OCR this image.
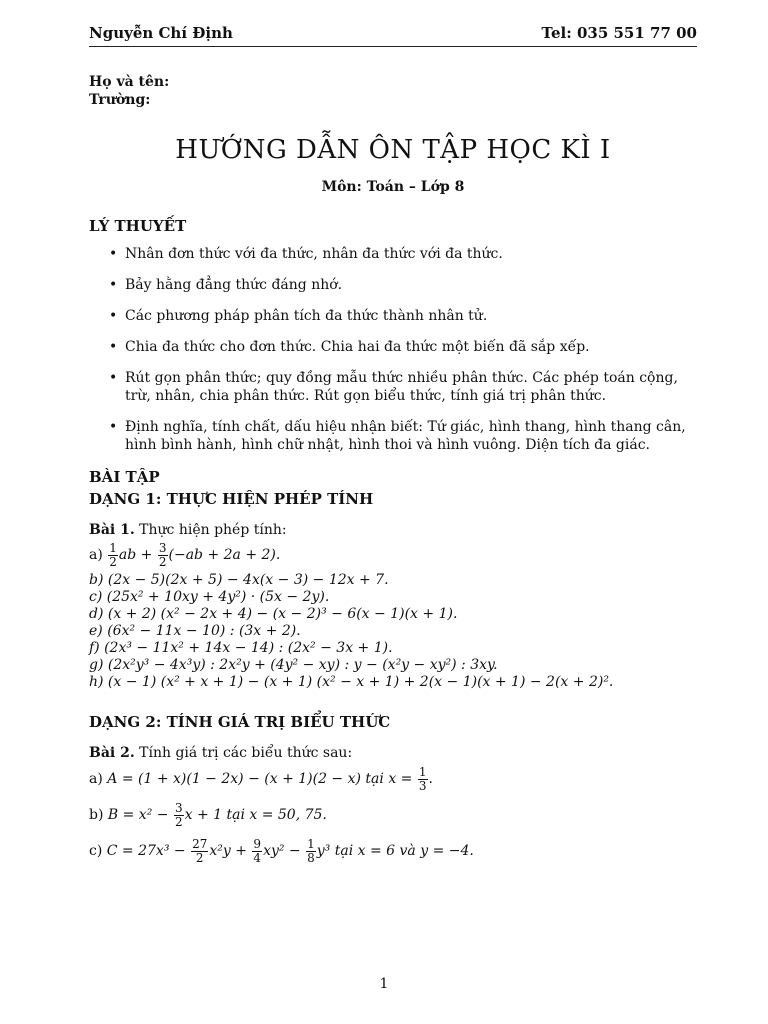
Nguyễn Chí Định	Tel: 035 551 77 00
Họ và tên:
Trường:
HƯỚNG DẪN ÔN TẬP HỌC KÌ I
Môn: Toán – Lớp 8
LÝ THUYẾT
• Nhân đơn thức với đa thức, nhân đa thức với đa thức.
• Bảy hằng đẳng thức đáng nhớ.
• Các phương pháp phân tích đa thức thành nhân tử.
• Chia đa thức cho đơn thức. Chia hai đa thức một biến đã sắp xếp.
• Rút gọn phân thức; quy đồng mẫu thức nhiều phân thức. Các phép toán cộng, trừ, nhân, chia phân thức. Rút gọn biểu thức, tính giá trị phân thức.
• Định nghĩa, tính chất, dấu hiệu nhận biết: Tứ giác, hình thang, hình thang cân, hình bình hành, hình chữ nhật, hình thoi và hình vuông. Diện tích đa giác.
BÀI TẬP
DẠNG 1: THỰC HIỆN PHÉP TÍNH
Bài 1. Thực hiện phép tính:
$a) \frac{1}{2}$ ab + $\frac{3}{2} (-ab + 2a + 2)$.
b) (2x − 5)(2x + 5) − 4x(x − 3) − 12x + 7.
c) (25x² + 10xy + 4y²) · (5x − 2y).
d) (x + 2) (x² − 2x + 4) − (x − 2)³ − 6(x − 1)(x + 1).
e) (6x² − 11x − 10) : (3x + 2).
f) (2x³ − 11x² + 14x − 14) : (2x² − 3x + 1).
g) (2x²y³ − 4x³y) : 2x²y + (4y² − xy) : y − (x²y − xy²) : 3xy.
h) (x − 1) (x² + x + 1) − (x + 1) (x² − x + 1) + 2(x − 1)(x + 1) − 2(x + 2)².
DẠNG 2: TÍNH GIÁ TRỊ BIỂU THỨC
Bài 2. Tính giá trị các biểu thức sau:
a) A = (1 + x)(1 − 2x) − (x + 1)(2 − x) tại $x = \frac{1}{3}$ .
b) $B = x^2 - \frac{3}{2}$ x + 1 tại x = 50, 75.
c) $C = 27x^3 - \frac{27}{2} x^2y + \frac{9}{4} xy^2 - \frac{1}{8} y^3$ tại x = 6 và y = −4.
1
